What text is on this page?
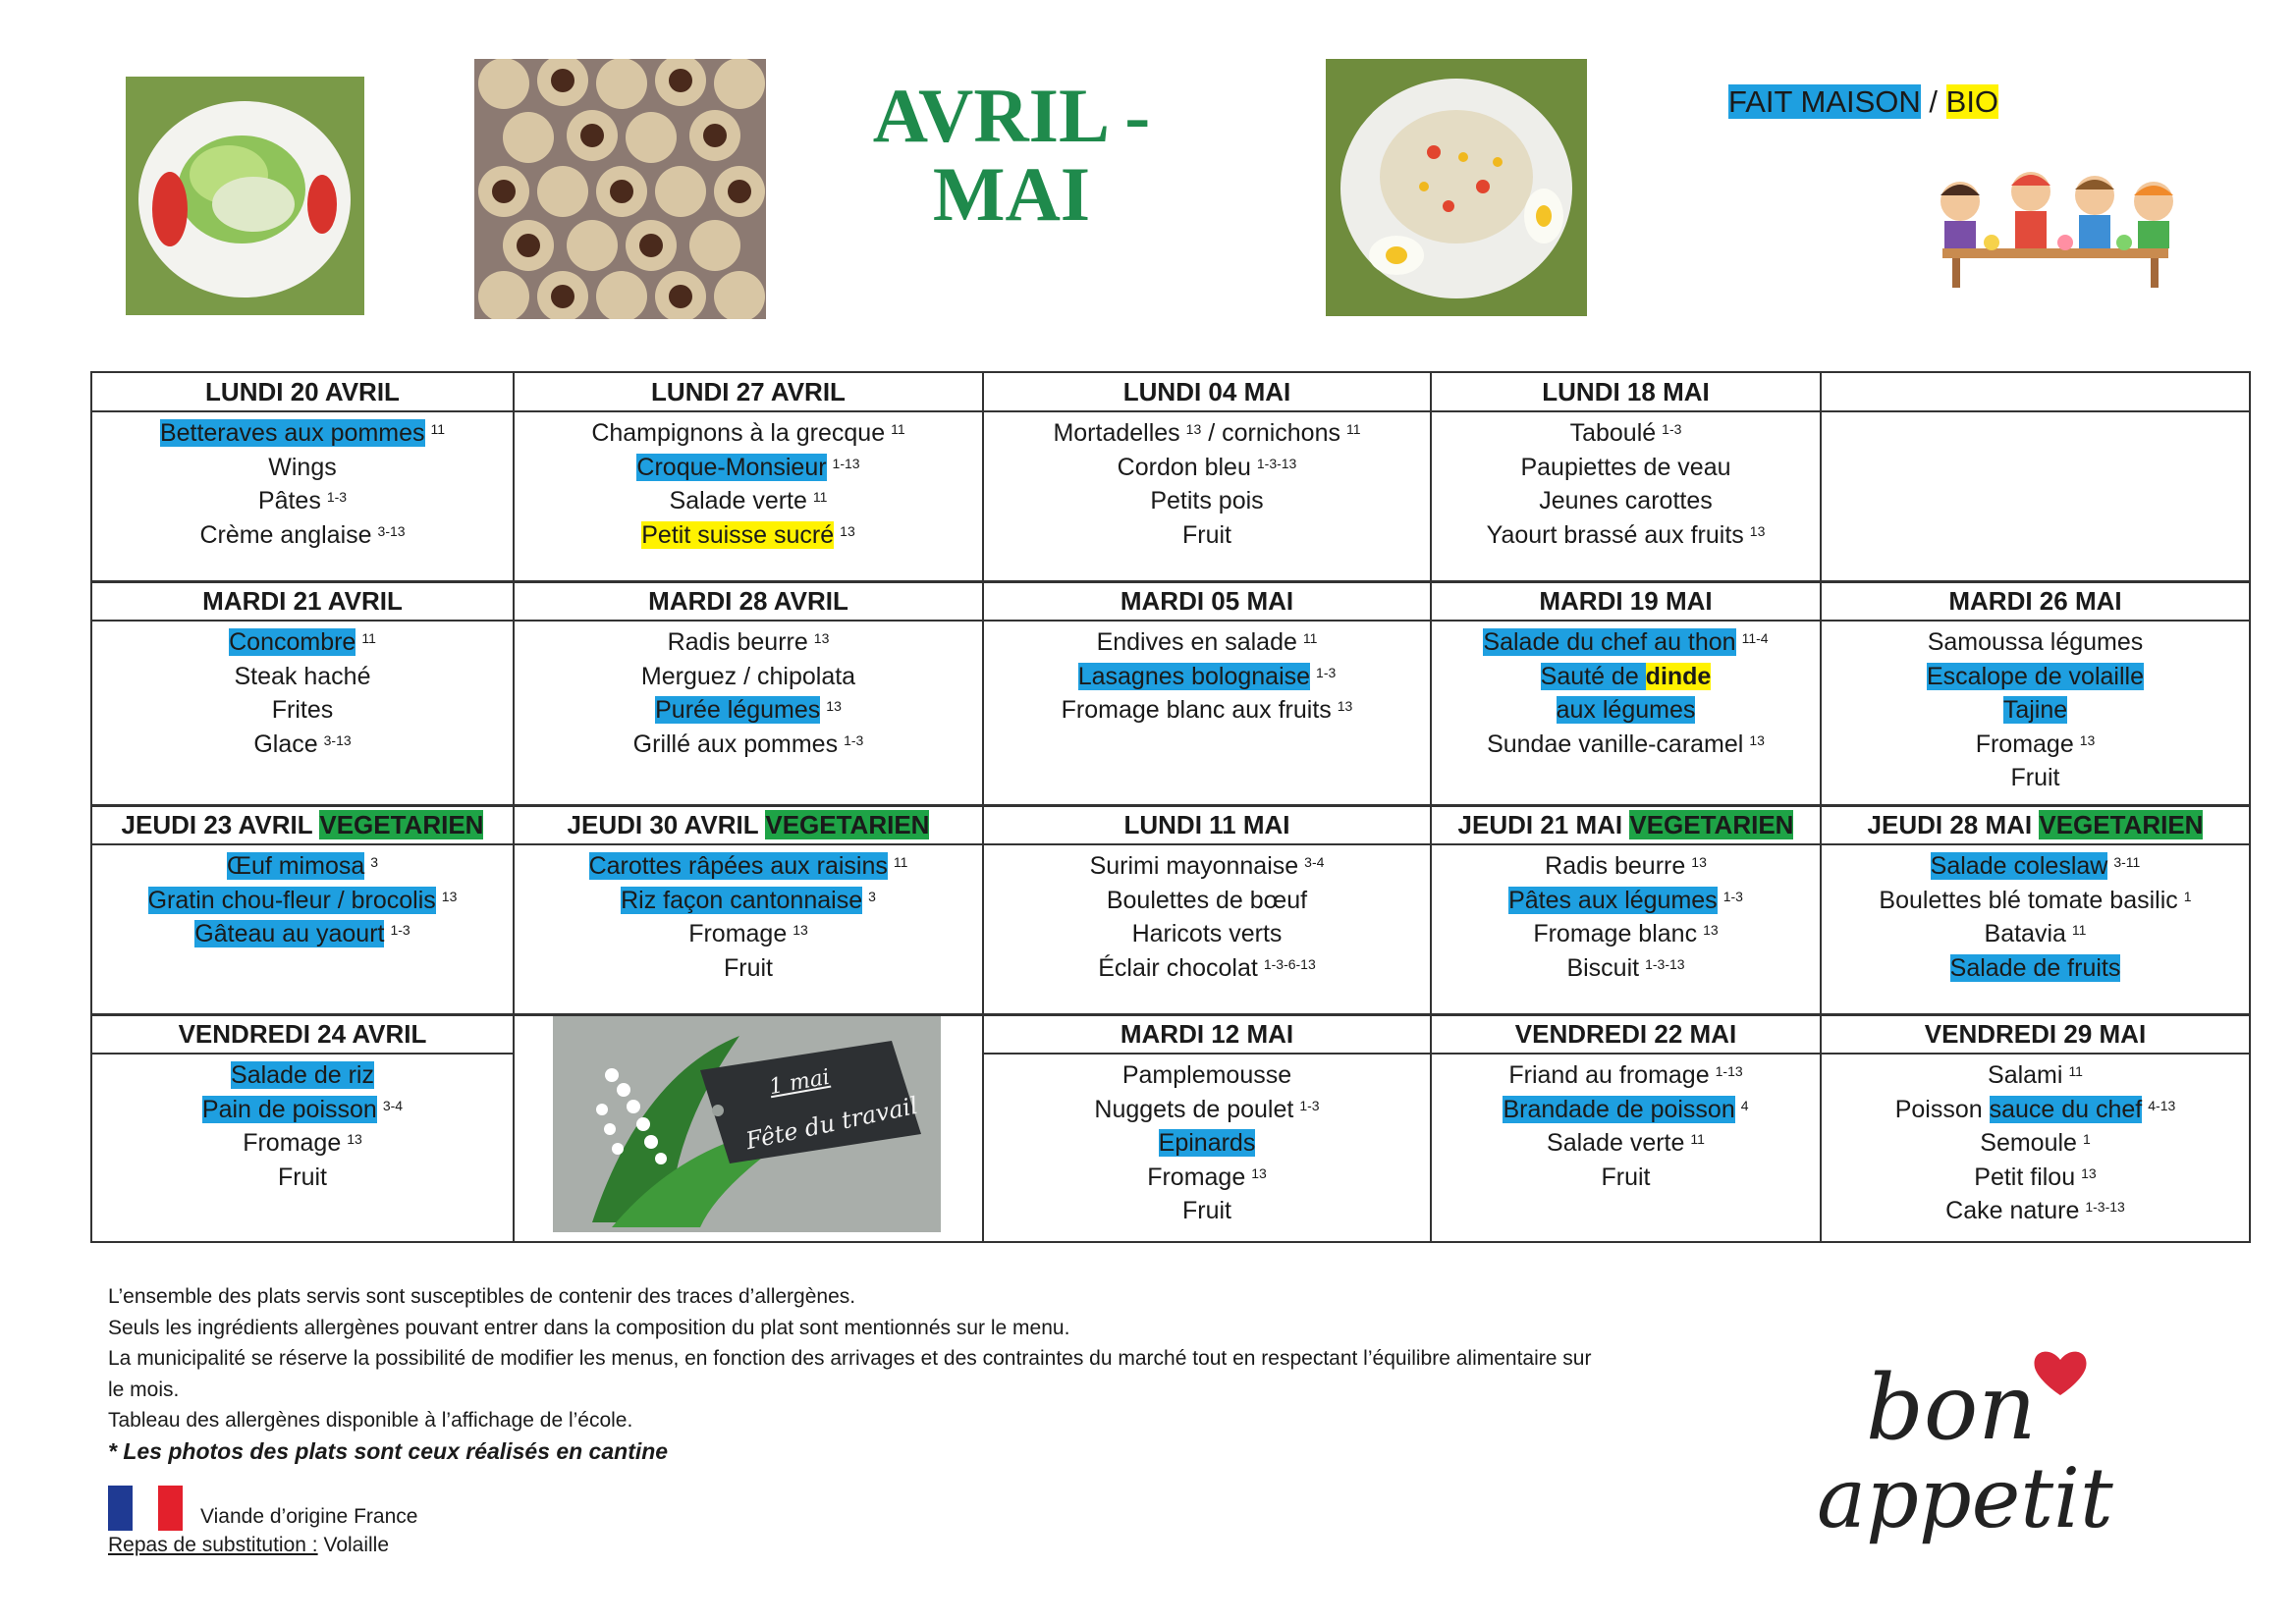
AVRIL -
MAI
FAIT MAISON / BIO
LUNDI 20 AVRIL
Betteraves aux pommes $^{11}$
Wings
Pâtes $^{1-3}$
Crème anglaise $^{3-13}$
LUNDI 27 AVRIL
Champignons à la grecque $^{11}$
Croque-Monsieur $^{1-13}$
Salade verte $^{11}$
Petit suisse sucré $^{13}$
LUNDI 04 MAI
Mortadelles $^{13}$ / cornichons $^{11}$
Cordon bleu $^{1-3-13}$
Petits pois
Fruit
LUNDI 18 MAI
Taboulé $^{1-3}$
Paupiettes de veau
Jeunes carottes
Yaourt brassé aux fruits $^{13}$
MARDI 21 AVRIL
Concombre $^{11}$
Steak haché
Frites
Glace $^{3-13}$
MARDI 28 AVRIL
Radis beurre $^{13}$
Merguez / chipolata
Purée légumes $^{13}$
Grillé aux pommes $^{1-3}$
MARDI 05 MAI
Endives en salade $^{11}$
Lasagnes bolognaise $^{1-3}$
Fromage blanc aux fruits $^{13}$
MARDI 19 MAI
Salade du chef au thon $^{11-4}$
Sauté de dinde
aux légumes
Sundae vanille-caramel $^{13}$
MARDI 26 MAI
Samoussa légumes
Escalope de volaille
Tajine
Fromage $^{13}$
Fruit
JEUDI 23 AVRIL VEGETARIEN
Œuf mimosa $^3$
Gratin chou-fleur / brocolis $^{13}$
Gâteau au yaourt $^{1-3}$
JEUDI 30 AVRIL VEGETARIEN
Carottes râpées aux raisins $^{11}$
Riz façon cantonnaise $^3$
Fromage $^{13}$
Fruit
LUNDI 11 MAI
Surimi mayonnaise $^{3-4}$
Boulettes de bœuf
Haricots verts
Éclair chocolat $^{1-3-6-13}$
JEUDI 21 MAI VEGETARIEN
Radis beurre $^{13}$
Pâtes aux légumes $^{1-3}$
Fromage blanc $^{13}$
Biscuit $^{1-3-13}$
JEUDI 28 MAI VEGETARIEN
Salade coleslaw $^{3-11}$
Boulettes blé tomate basilic $^1$
Batavia $^{11}$
Salade de fruits
VENDREDI 24 AVRIL
Salade de riz
Pain de poisson $^{3-4}$
Fromage $^{13}$
Fruit
MARDI 12 MAI
Pamplemousse
Nuggets de poulet $^{1-3}$
Epinards
Fromage $^{13}$
Fruit
VENDREDI 22 MAI
Friand au fromage $^{1-13}$
Brandade de poisson $^4$
Salade verte $^{11}$
Fruit
VENDREDI 29 MAI
Salami $^{11}$
Poisson sauce du chef $^{4-13}$
Semoule $^1$
Petit filou $^{13}$
Cake nature $^{1-3-13}$
1 mai
Fête du travail
L’ensemble des plats servis sont susceptibles de contenir des traces d’allergènes.
Seuls les ingrédients allergènes pouvant entrer dans la composition du plat sont mentionnés sur le menu.
La municipalité se réserve la possibilité de modifier les menus, en fonction des arrivages et des contraintes du marché tout en respectant l’équilibre alimentaire sur
le mois.
Tableau des allergènes disponible à l’affichage de l’école.
* Les photos des plats sont ceux réalisés en cantine
Viande d’origine France
Repas de substitution : Volaille
bon
appetit
